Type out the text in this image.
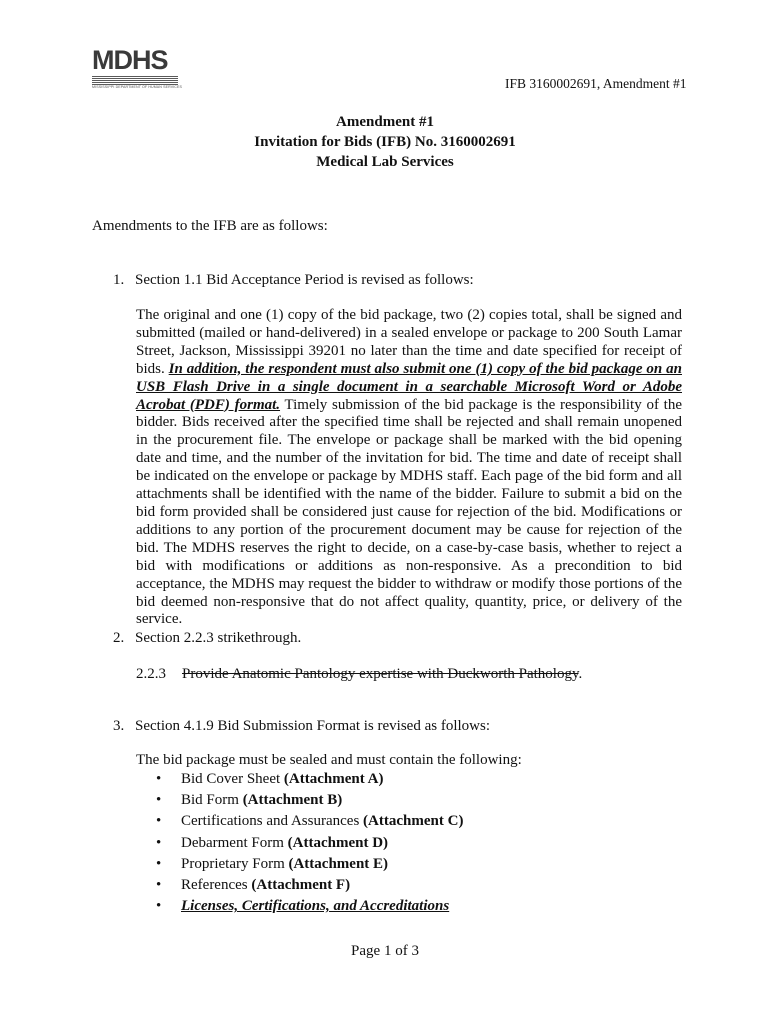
MDHS
MISSISSIPPI DEPARTMENT OF HUMAN SERVICES	IFB 3160002691, Amendment #1
Amendment #1
Invitation for Bids (IFB) No. 3160002691
Medical Lab Services
Amendments to the IFB are as follows:
1. Section 1.1 Bid Acceptance Period is revised as follows:
The original and one (1) copy of the bid package, two (2) copies total, shall be signed and submitted (mailed or hand-delivered) in a sealed envelope or package to 200 South Lamar Street, Jackson, Mississippi 39201 no later than the time and date specified for receipt of bids. In addition, the respondent must also submit one (1) copy of the bid package on an USB Flash Drive in a single document in a searchable Microsoft Word or Adobe Acrobat (PDF) format. Timely submission of the bid package is the responsibility of the bidder. Bids received after the specified time shall be rejected and shall remain unopened in the procurement file. The envelope or package shall be marked with the bid opening date and time, and the number of the invitation for bid. The time and date of receipt shall be indicated on the envelope or package by MDHS staff. Each page of the bid form and all attachments shall be identified with the name of the bidder. Failure to submit a bid on the bid form provided shall be considered just cause for rejection of the bid. Modifications or additions to any portion of the procurement document may be cause for rejection of the bid. The MDHS reserves the right to decide, on a case-by-case basis, whether to reject a bid with modifications or additions as non-responsive. As a precondition to bid acceptance, the MDHS may request the bidder to withdraw or modify those portions of the bid deemed non-responsive that do not affect quality, quantity, price, or delivery of the service.
2. Section 2.2.3 strikethrough.
2.2.3 Provide Anatomic Pantology expertise with Duckworth Pathology.
3. Section 4.1.9 Bid Submission Format is revised as follows:
The bid package must be sealed and must contain the following:
• Bid Cover Sheet (Attachment A)
• Bid Form (Attachment B)
• Certifications and Assurances (Attachment C)
• Debarment Form (Attachment D)
• Proprietary Form (Attachment E)
• References (Attachment F)
• Licenses, Certifications, and Accreditations
Page 1 of 3
